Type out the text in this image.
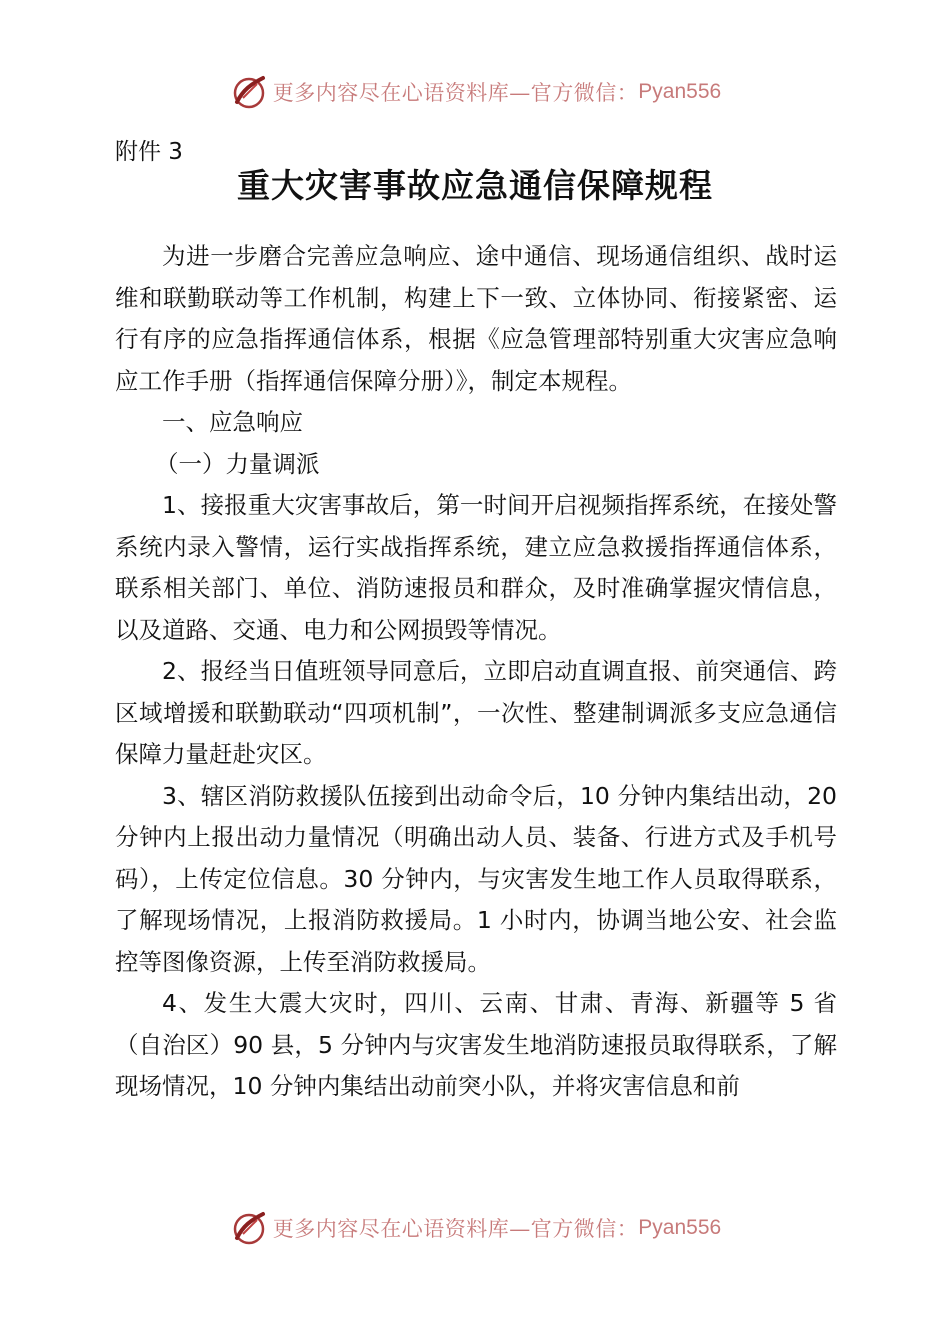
更多内容尽在心语资料库—官方微信： Pyan556
附件 3
重大灾害事故应急通信保障规程

为进一步磨合完善应急响应、途中通信、现场通信组织、战时运维和联勤联动等工作机制，构建上下一致、立体协同、衔接紧密、运行有序的应急指挥通信体系，根据《应急管理部特别重大灾害应急响应工作手册（指挥通信保障分册）》，制定本规程。

一、应急响应

（一）力量调派

1、接报重大灾害事故后，第一时间开启视频指挥系统，在接处警系统内录入警情，运行实战指挥系统，建立应急救援指挥通信体系，联系相关部门、单位、消防速报员和群众，及时准确掌握灾情信息，以及道路、交通、电力和公网损毁等情况。

2、报经当日值班领导同意后，立即启动直调直报、前突通信、跨区域增援和联勤联动“四项机制”，一次性、整建制调派多支应急通信保障力量赶赴灾区。

3、辖区消防救援队伍接到出动命令后，10 分钟内集结出动，20 分钟内上报出动力量情况（明确出动人员、装备、行进方式及手机号码），上传定位信息。30 分钟内，与灾害发生地工作人员取得联系，了解现场情况，上报消防救援局。1 小时内，协调当地公安、社会监控等图像资源，上传至消防救援局。

4、发生大震大灾时，四川、云南、甘肃、青海、新疆等 5 省（自治区）90 县，5 分钟内与灾害发生地消防速报员取得联系，了解现场情况，10 分钟内集结出动前突小队，并将灾害信息和前

更多内容尽在心语资料库—官方微信： Pyan556
